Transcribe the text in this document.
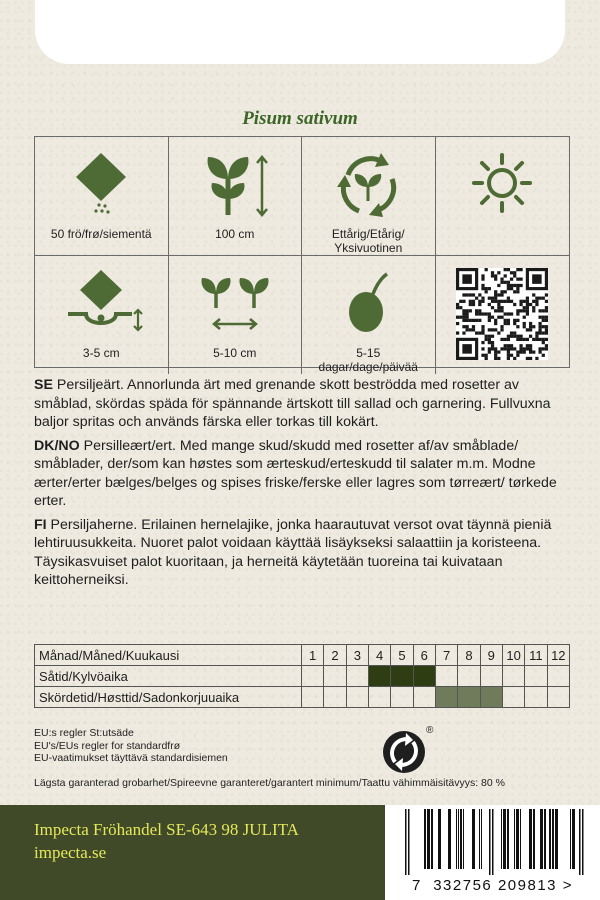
Pisum sativum
50 frö/frø/siementä	100 cm	Ettårig/Etårig/ Yksivuotinen
3-5 cm	5-10 cm	5-15 dagar/dage/päivää

SE Persiljeärt. Annorlunda ärt med grenande skott beströdda med rosetter av småblad, skördas späda för spännande ärtskott till sallad och garnering. Fullvuxna baljor spritas och används färska eller torkas till kokärt.

DK/NO Persilleært/ert. Med mange skud/skudd med rosetter af/av småblade/ småblader, der/som kan høstes som ærteskud/erteskudd til salater m.m. Modne ærter/erter bælges/belges og spises friske/ferske eller lagres som tørreært/ tørkede erter.

FI Persiljaherne. Erilainen hernelajike, jonka haarautuvat versot ovat täynnä pieniä lehtiruusukkeita. Nuoret palot voidaan käyttää lisäykseksi salaattiin ja koristeena. Täysikasvuiset palot kuoritaan, ja herneitä käytetään tuoreina tai kuivataan keittoherneiksi.

Månad/Måned/Kuukausi	1	2	3	4	5	6	7	8	9	10	11	12
Såtid/Kylvöaika												
Skördetid/Høsttid/Sadonkorjuuaika												
EU:s regler St:utsäde
EU's/EUs regler for standardfrø
EU-vaatimukset täyttävä standardisiemen
®
Lägsta garanterad grobarhet/Spireevne garanteret/garantert minimum/Taattu vähimmäisitävyys: 80 %
Impecta Fröhandel SE-643 98 JULITA
impecta.se
7 332756 209813 >
